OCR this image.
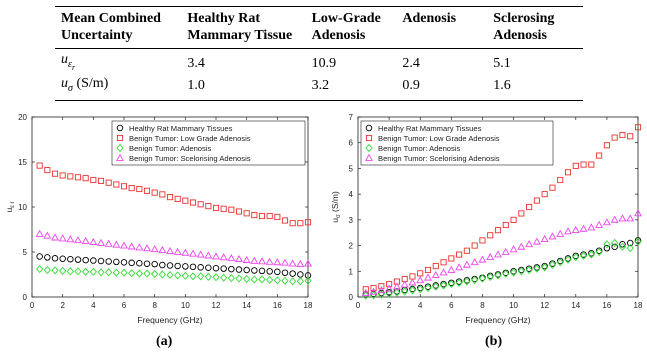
Mean Combined Uncertainty	Healthy Rat Mammary Tissue	Low-Grade Adenosis	Adenosis	Sclerosing Adenosis
$u_{\varepsilon_r}$	3.4	10.9	2.4	5.1
$u_\sigma$ (S/m)	1.0	3.2	0.9	1.6
0	2	4	6	8	10	12	14	16	18
0
5
10
15
20
Frequency (GHz)
$u_{\varepsilon r}$
Healthy Rat Mammary Tissues
Benign Tumor: Low Grade Adenosis
Benign Tumor: Adenosis
Benign Tumor: Scelorising Adenosis
0	2	4	6	8	10	12	14	16	18
0
1
2
3
4
5
6
7
Frequency (GHz)
$u_\sigma$ (S/m)
Healthy Rat Mammary Tissues
Benign Tumor: Low Grade Adenosis
Benign Tumor: Adenosis
Benign Tumor: Scelorising Adenosis
(a)	(b)
